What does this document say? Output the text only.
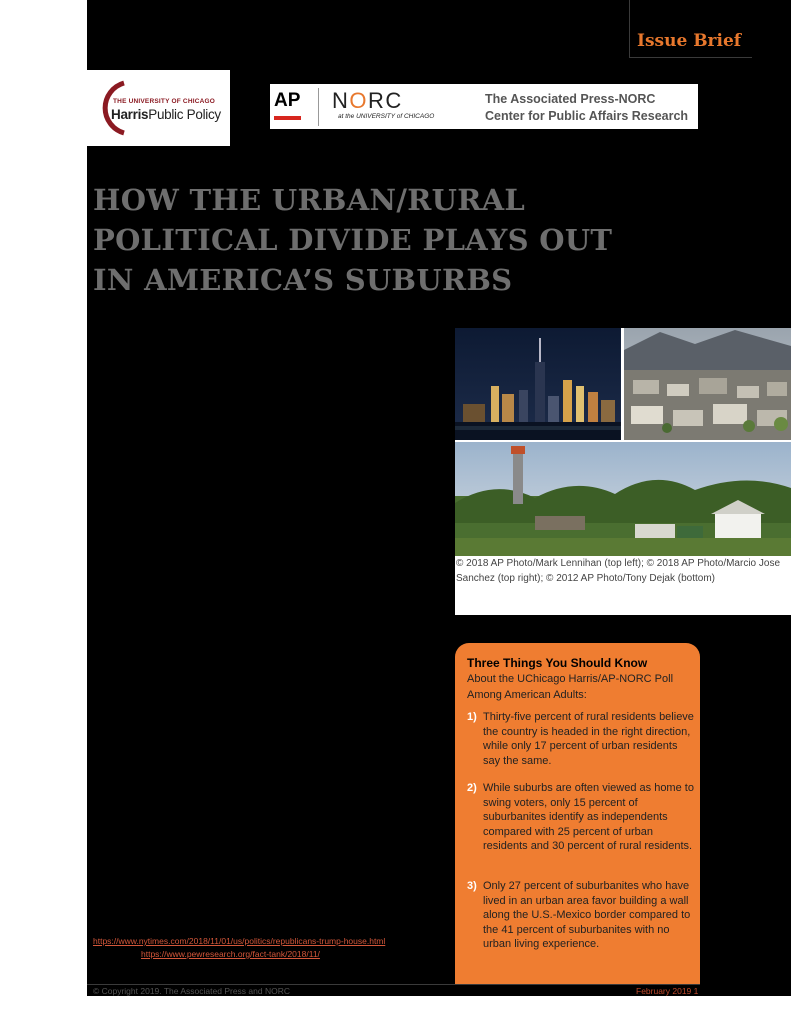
Issue Brief
THE UNIVERSITY OF CHICAGO
HarrisPublic Policy
AP NORC
at the UNIVERSITY of CHICAGO
The Associated Press-NORC
Center for Public Affairs Research
HOW THE URBAN/RURAL
POLITICAL DIVIDE PLAYS OUT
IN AMERICA’S SUBURBS
© 2018 AP Photo/Mark Lennihan (top left); © 2018 AP Photo/Marcio Jose Sanchez (top right); © 2012 AP Photo/Tony Dejak (bottom)
Three Things You Should Know
About the UChicago Harris/AP-NORC Poll Among American Adults:
1) Thirty-five percent of rural residents believe the country is headed in the right direction, while only 17 percent of urban residents say the same.
2) While suburbs are often viewed as home to swing voters, only 15 percent of suburbanites identify as independents compared with 25 percent of urban residents and 30 percent of rural residents.
3) Only 27 percent of suburbanites who have lived in an urban area favor building a wall along the U.S.-Mexico border compared to the 41 percent of suburbanites with no urban living experience.
https://www.nytimes.com/2018/11/01/us/politics/republicans-trump-house.html
https://www.pewresearch.org/fact-tank/2018/11/
© Copyright 2019. The Associated Press and NORC	February 2019 1
